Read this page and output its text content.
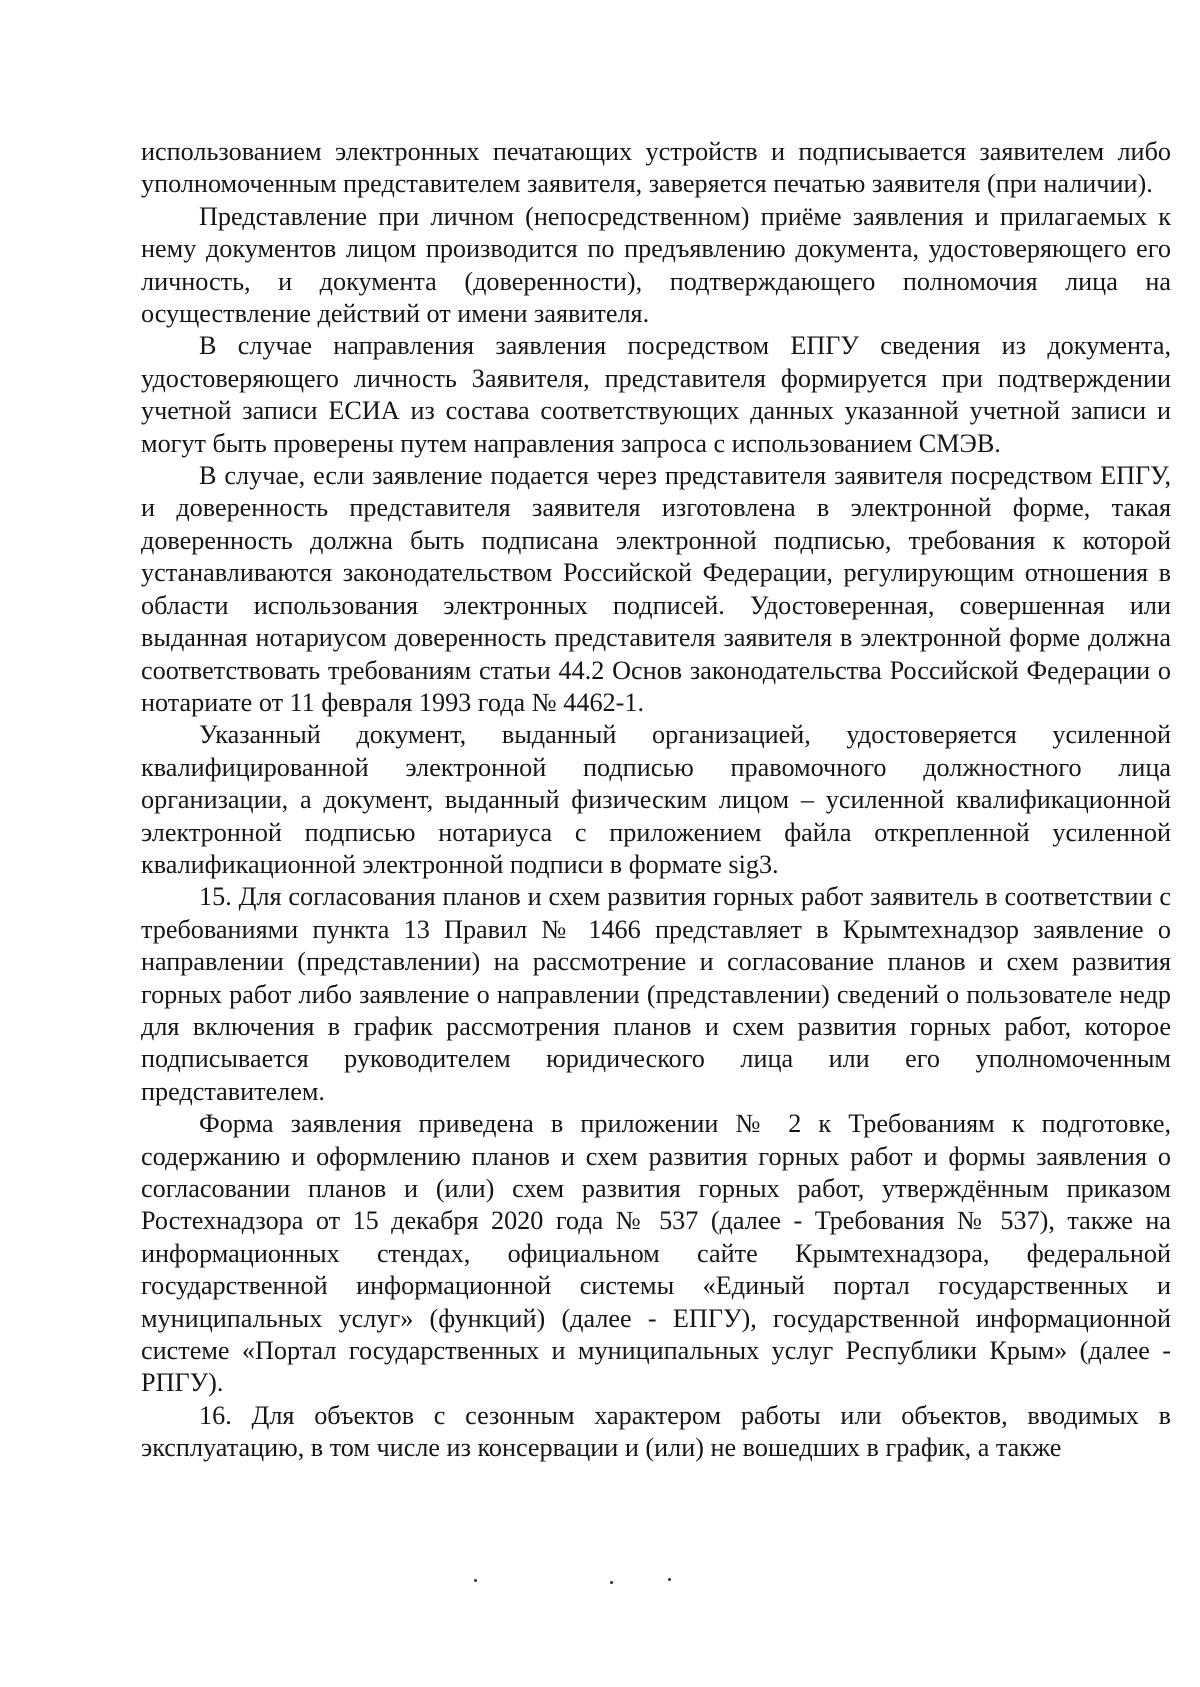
использованием электронных печатающих устройств и подписывается заявителем либо уполномоченным представителем заявителя, заверяется печатью заявителя (при наличии).

Представление при личном (непосредственном) приёме заявления и прилагаемых к нему документов лицом производится по предъявлению документа, удостоверяющего его личность, и документа (доверенности), подтверждающего полномочия лица на осуществление действий от имени заявителя.

В случае направления заявления посредством ЕПГУ сведения из документа, удостоверяющего личность Заявителя, представителя формируется при подтверждении учетной записи ЕСИА из состава соответствующих данных указанной учетной записи и могут быть проверены путем направления запроса с использованием СМЭВ.

В случае, если заявление подается через представителя заявителя посредством ЕПГУ, и доверенность представителя заявителя изготовлена в электронной форме, такая доверенность должна быть подписана электронной подписью, требования к которой устанавливаются законодательством Российской Федерации, регулирующим отношения в области использования электронных подписей. Удостоверенная, совершенная или выданная нотариусом доверенность представителя заявителя в электронной форме должна соответствовать требованиям статьи 44.2 Основ законодательства Российской Федерации о нотариате от 11 февраля 1993 года № 4462-1.

Указанный документ, выданный организацией, удостоверяется усиленной квалифицированной электронной подписью правомочного должностного лица организации, а документ, выданный физическим лицом – усиленной квалификационной электронной подписью нотариуса с приложением файла открепленной усиленной квалификационной электронной подписи в формате sig3.

15. Для согласования планов и схем развития горных работ заявитель в соответствии с требованиями пункта 13 Правил № 1466 представляет в Крымтехнадзор заявление о направлении (представлении) на рассмотрение и согласование планов и схем развития горных работ либо заявление о направлении (представлении) сведений о пользователе недр для включения в график рассмотрения планов и схем развития горных работ, которое подписывается руководителем юридического лица или его уполномоченным представителем.

Форма заявления приведена в приложении № 2 к Требованиям к подготовке, содержанию и оформлению планов и схем развития горных работ и формы заявления о согласовании планов и (или) схем развития горных работ, утверждённым приказом Ростехнадзора от 15 декабря 2020 года № 537 (далее - Требования № 537), также на информационных стендах, официальном сайте Крымтехнадзора, федеральной государственной информационной системы «Единый портал государственных и муниципальных услуг» (функций) (далее - ЕПГУ), государственной информационной системе «Портал государственных и муниципальных услуг Республики Крым» (далее - РПГУ).

16. Для объектов с сезонным характером работы или объектов, вводимых в эксплуатацию, в том числе из консервации и (или) не вошедших в график, а также
